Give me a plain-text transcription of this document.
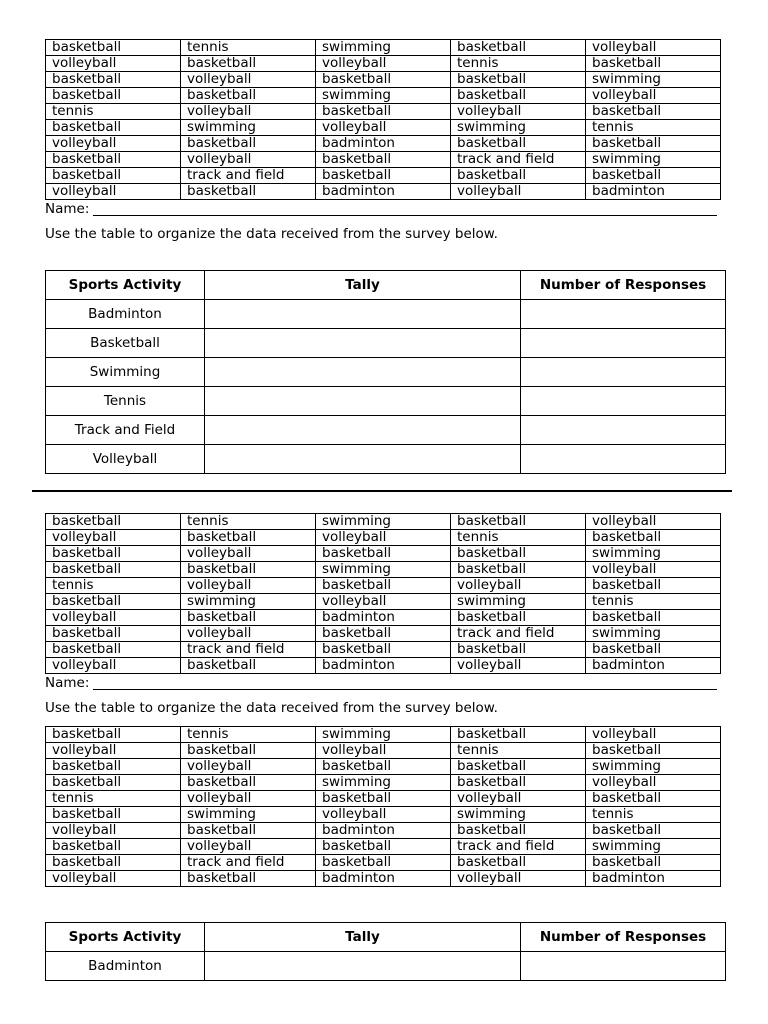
basketball	tennis	swimming	basketball	volleyball
volleyball	basketball	volleyball	tennis	basketball
basketball	volleyball	basketball	basketball	swimming
basketball	basketball	swimming	basketball	volleyball
tennis	volleyball	basketball	volleyball	basketball
basketball	swimming	volleyball	swimming	tennis
volleyball	basketball	badminton	basketball	basketball
basketball	volleyball	basketball	track and field	swimming
basketball	track and field	basketball	basketball	basketball
volleyball	basketball	badminton	volleyball	badminton
Name:
Use the table to organize the data received from the survey below.
Sports Activity	Tally	Number of Responses
Badminton		
Basketball		
Swimming		
Tennis		
Track and Field		
Volleyball		
basketball	tennis	swimming	basketball	volleyball
volleyball	basketball	volleyball	tennis	basketball
basketball	volleyball	basketball	basketball	swimming
basketball	basketball	swimming	basketball	volleyball
tennis	volleyball	basketball	volleyball	basketball
basketball	swimming	volleyball	swimming	tennis
volleyball	basketball	badminton	basketball	basketball
basketball	volleyball	basketball	track and field	swimming
basketball	track and field	basketball	basketball	basketball
volleyball	basketball	badminton	volleyball	badminton
Name:
Use the table to organize the data received from the survey below.
basketball	tennis	swimming	basketball	volleyball
volleyball	basketball	volleyball	tennis	basketball
basketball	volleyball	basketball	basketball	swimming
basketball	basketball	swimming	basketball	volleyball
tennis	volleyball	basketball	volleyball	basketball
basketball	swimming	volleyball	swimming	tennis
volleyball	basketball	badminton	basketball	basketball
basketball	volleyball	basketball	track and field	swimming
basketball	track and field	basketball	basketball	basketball
volleyball	basketball	badminton	volleyball	badminton
Sports Activity	Tally	Number of Responses
Badminton		
